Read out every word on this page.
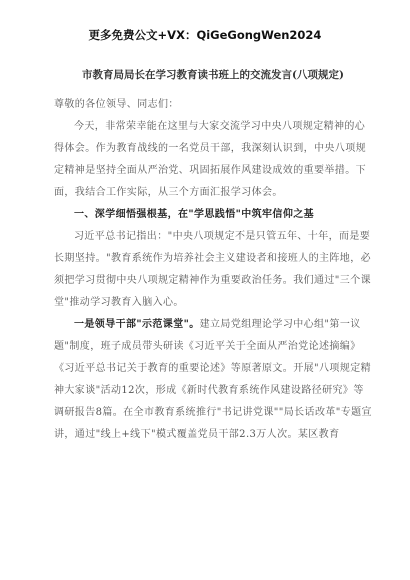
更多免费公文+VX：QiGeGongWen2024
市教育局局长在学习教育读书班上的交流发言(八项规定)

尊敬的各位领导、同志们：

今天，非常荣幸能在这里与大家交流学习中央八项规定精神的心得体会。作为教育战线的一名党员干部，我深刻认识到，中央八项规定精神是坚持全面从严治党、巩固拓展作风建设成效的重要举措。下面，我结合工作实际，从三个方面汇报学习体会。

一、深学细悟强根基，在"学思践悟"中筑牢信仰之基

习近平总书记指出："中央八项规定不是只管五年、十年，而是要长期坚持。"教育系统作为培养社会主义建设者和接班人的主阵地，必须把学习贯彻中央八项规定精神作为重要政治任务。我们通过"三个课堂"推动学习教育入脑入心。

一是领导干部"示范课堂"。建立局党组理论学习中心组"第一议题"制度，班子成员带头研读《习近平关于全面从严治党论述摘编》《习近平总书记关于教育的重要论述》等原著原文。开展"八项规定精神大家谈"活动12次，形成《新时代教育系统作风建设路径研究》等调研报告8篇。在全市教育系统推行"书记讲党课""局长话改革"专题宣讲，通过"线上+线下"模式覆盖党员干部2.3万人次。某区教育
